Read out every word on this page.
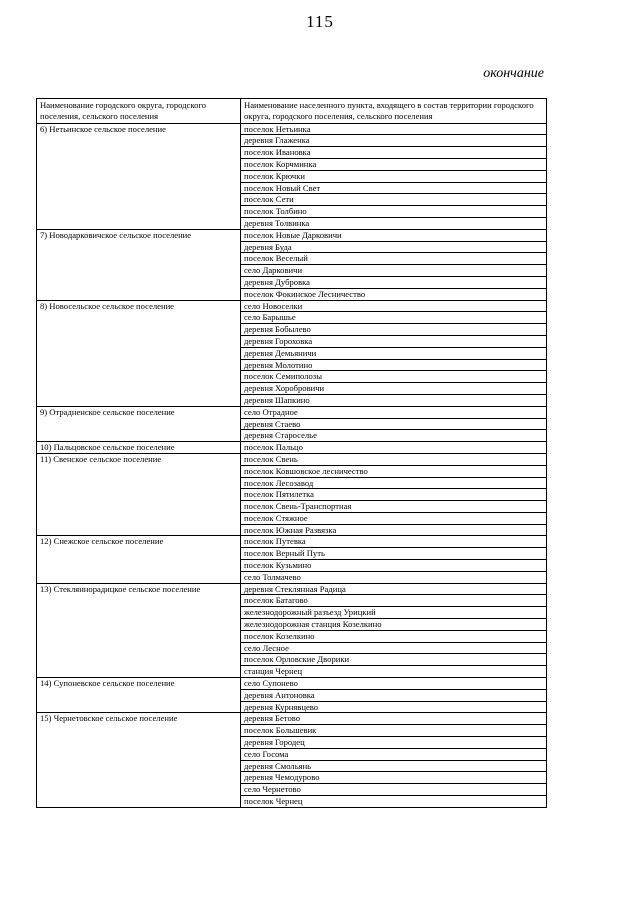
115
окончание
Наименование городского округа, городского поселения, сельского поселения	Наименование населенного пункта, входящего в состав территории городского округа, городского поселения, сельского поселения
6) Нетьинское сельское поселение	поселок Нетьинка
	деревня Глаженка
	поселок Ивановка
	поселок Корчминка
	поселок Крючки
	поселок Новый Свет
	поселок Сети
	поселок Толбино
	деревня Толвинка
7) Новодарковичское сельское поселение	поселок Новые Дарковичи
	деревня Буда
	поселок Веселый
	село Дарковичи
	деревня Дубровка
	поселок Фокинское Лесничество
8) Новосельское сельское поселение	село Новоселки
	село Барышье
	деревня Бобылево
	деревня Гороховка
	деревня Демьяничи
	деревня Молотино
	поселок Семиполозы
	деревня Хоробровичи
	деревня Шапкино
9) Отрадненское сельское поселение	село Отрадное
	деревня Стаево
	деревня Староселье
10) Пальцовское сельское поселение	поселок Пальцо
11) Свенское сельское поселение	поселок Свень
	поселок Ковшовское лесничество
	поселок Лесозавод
	поселок Пятилетка
	поселок Свень-Транспортная
	поселок Стяжное
	поселок Южная Развязка
12) Снежское сельское поселение	поселок Путевка
	поселок Верный Путь
	поселок Кузьмино
	село Толмачево
13) Стекляннорадицкое сельское поселение	деревня Стеклянная Радица
	поселок Батагово
	железнодорожный разъезд Урицкий
	железнодорожная станция Козелкино
	поселок Козелкино
	село Лесное
	поселок Орловские Дворики
	станция Чернец
14) Супоневское сельское поселение	село Супонево
	деревня Антоновка
	деревня Курнявцево
15) Чернетовское сельское поселение	деревня Бетово
	поселок Большевик
	деревня Городец
	село Госома
	деревня Смольянь
	деревня Чемодурово
	село Чернетово
	поселок Чернец
